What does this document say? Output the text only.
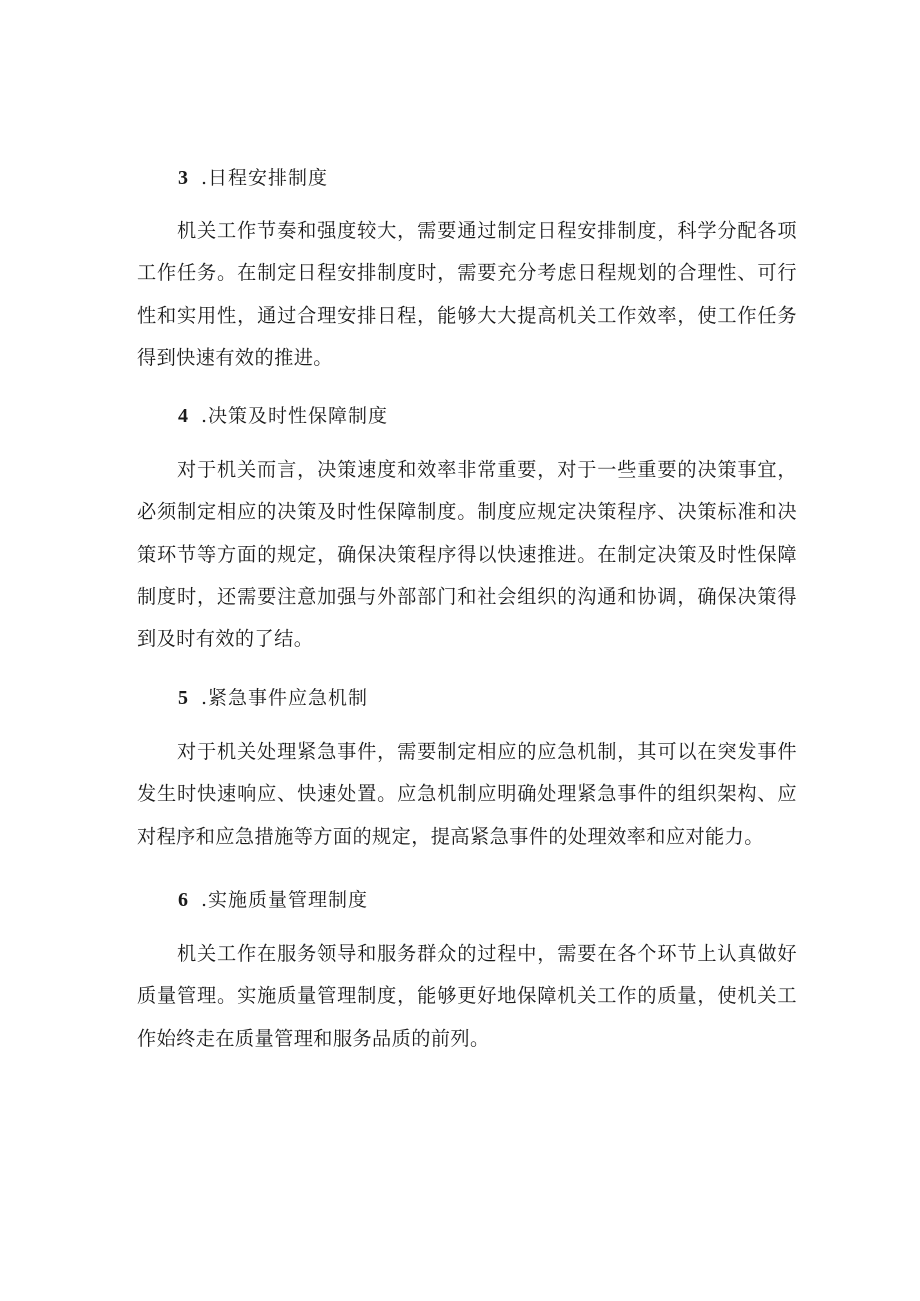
3 .日程安排制度

机关工作节奏和强度较大，需要通过制定日程安排制度，科学分配各项工作任务。在制定日程安排制度时，需要充分考虑日程规划的合理性、可行性和实用性，通过合理安排日程，能够大大提高机关工作效率，使工作任务得到快速有效的推进。

4 .决策及时性保障制度

对于机关而言，决策速度和效率非常重要，对于一些重要的决策事宜，必须制定相应的决策及时性保障制度。制度应规定决策程序、决策标准和决策环节等方面的规定，确保决策程序得以快速推进。在制定决策及时性保障制度时，还需要注意加强与外部部门和社会组织的沟通和协调，确保决策得到及时有效的了结。

5 .紧急事件应急机制

对于机关处理紧急事件，需要制定相应的应急机制，其可以在突发事件发生时快速响应、快速处置。应急机制应明确处理紧急事件的组织架构、应对程序和应急措施等方面的规定，提高紧急事件的处理效率和应对能力。

6 .实施质量管理制度

机关工作在服务领导和服务群众的过程中，需要在各个环节上认真做好质量管理。实施质量管理制度，能够更好地保障机关工作的质量，使机关工作始终走在质量管理和服务品质的前列。
